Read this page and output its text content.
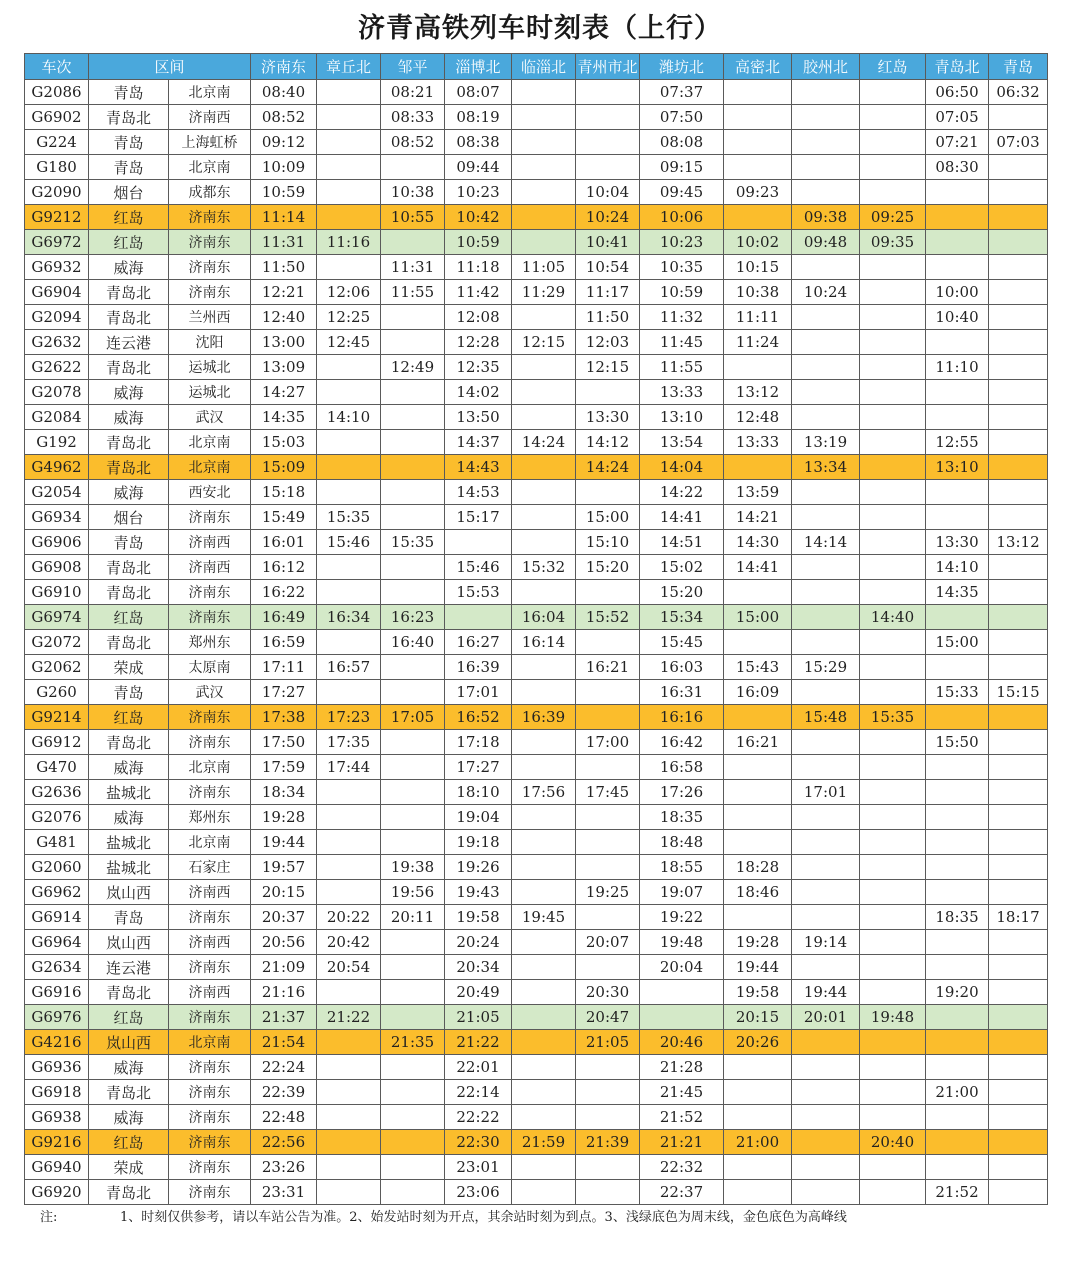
济青高铁列车时刻表（上行）
车次	区间		济南东	章丘北	邹平	淄博北	临淄北	青州市北	潍坊北	高密北	胶州北	红岛	青岛北	青岛
G2086	青岛	北京南	08:40		08:21	08:07			07:37				06:50	06:32
G6902	青岛北	济南西	08:52		08:33	08:19			07:50				07:05	
G224	青岛	上海虹桥	09:12		08:52	08:38			08:08				07:21	07:03
G180	青岛	北京南	10:09			09:44			09:15				08:30	
G2090	烟台	成都东	10:59		10:38	10:23		10:04	09:45	09:23				
G9212	红岛	济南东	11:14		10:55	10:42		10:24	10:06		09:38	09:25		
G6972	红岛	济南东	11:31	11:16		10:59		10:41	10:23	10:02	09:48	09:35		
G6932	威海	济南东	11:50		11:31	11:18	11:05	10:54	10:35	10:15				
G6904	青岛北	济南东	12:21	12:06	11:55	11:42	11:29	11:17	10:59	10:38	10:24		10:00	
G2094	青岛北	兰州西	12:40	12:25		12:08		11:50	11:32	11:11			10:40	
G2632	连云港	沈阳	13:00	12:45		12:28	12:15	12:03	11:45	11:24				
G2622	青岛北	运城北	13:09		12:49	12:35		12:15	11:55				11:10	
G2078	威海	运城北	14:27			14:02			13:33	13:12				
G2084	威海	武汉	14:35	14:10		13:50		13:30	13:10	12:48				
G192	青岛北	北京南	15:03			14:37	14:24	14:12	13:54	13:33	13:19		12:55	
G4962	青岛北	北京南	15:09			14:43		14:24	14:04		13:34		13:10	
G2054	威海	西安北	15:18			14:53			14:22	13:59				
G6934	烟台	济南东	15:49	15:35		15:17		15:00	14:41	14:21				
G6906	青岛	济南西	16:01	15:46	15:35			15:10	14:51	14:30	14:14		13:30	13:12
G6908	青岛北	济南西	16:12			15:46	15:32	15:20	15:02	14:41			14:10	
G6910	青岛北	济南东	16:22			15:53			15:20				14:35	
G6974	红岛	济南东	16:49	16:34	16:23		16:04	15:52	15:34	15:00		14:40		
G2072	青岛北	郑州东	16:59		16:40	16:27	16:14		15:45				15:00	
G2062	荣成	太原南	17:11	16:57		16:39		16:21	16:03	15:43	15:29			
G260	青岛	武汉	17:27			17:01			16:31	16:09			15:33	15:15
G9214	红岛	济南东	17:38	17:23	17:05	16:52	16:39		16:16		15:48	15:35		
G6912	青岛北	济南东	17:50	17:35		17:18		17:00	16:42	16:21			15:50	
G470	威海	北京南	17:59	17:44		17:27			16:58					
G2636	盐城北	济南东	18:34			18:10	17:56	17:45	17:26		17:01			
G2076	威海	郑州东	19:28			19:04			18:35					
G481	盐城北	北京南	19:44			19:18			18:48					
G2060	盐城北	石家庄	19:57		19:38	19:26			18:55	18:28				
G6962	岚山西	济南西	20:15		19:56	19:43		19:25	19:07	18:46				
G6914	青岛	济南东	20:37	20:22	20:11	19:58	19:45		19:22				18:35	18:17
G6964	岚山西	济南西	20:56	20:42		20:24		20:07	19:48	19:28	19:14			
G2634	连云港	济南东	21:09	20:54		20:34			20:04	19:44				
G6916	青岛北	济南西	21:16			20:49		20:30		19:58	19:44		19:20	
G6976	红岛	济南东	21:37	21:22		21:05		20:47		20:15	20:01	19:48		
G4216	岚山西	北京南	21:54		21:35	21:22		21:05	20:46	20:26				
G6936	威海	济南东	22:24			22:01			21:28					
G6918	青岛北	济南东	22:39			22:14			21:45				21:00	
G6938	威海	济南东	22:48			22:22			21:52					
G9216	红岛	济南东	22:56			22:30	21:59	21:39	21:21	21:00		20:40		
G6940	荣成	济南东	23:26			23:01			22:32					
G6920	青岛北	济南东	23:31			23:06			22:37				21:52	
注:	1、时刻仅供参考，请以车站公告为准。2、始发站时刻为开点，其余站时刻为到点。3、浅绿底色为周末线，金色底色为高峰线
